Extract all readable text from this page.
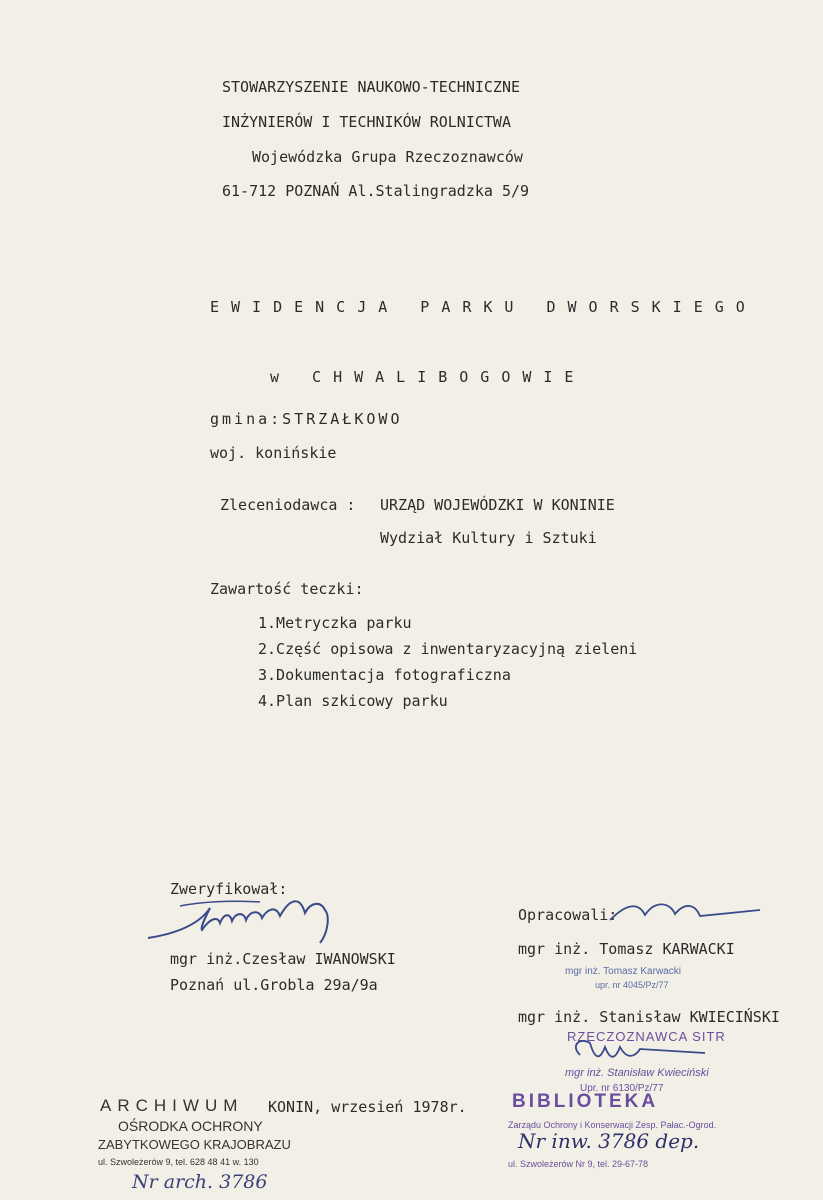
STOWARZYSZENIE NAUKOWO-TECHNICZNE
INŻYNIERÓW I TECHNIKÓW ROLNICTWA
Wojewódzka Grupa Rzeczoznawców
61-712 POZNAŃ Al.Stalingradzka 5/9
EWIDENCJA PARKU DWORSKIEGO
w CHWALIBOGOWIE
gmina:STRZAŁKOWO
woj. konińskie
Zleceniodawca : URZĄD WOJEWÓDZKI W KONINIE
Wydział Kultury i Sztuki
Zawartość teczki:
1.Metryczka parku
2.Część opisowa z inwentaryzacyjną zieleni
3.Dokumentacja fotograficzna
4.Plan szkicowy parku
Zweryfikował:
mgr inż.Czesław IWANOWSKI
Poznań ul.Grobla 29a/9a
Opracowali:
mgr inż. Tomasz KARWACKI
mgr inż. Tomasz Karwacki
upr. nr 4045/Pz/77
mgr inż. Stanisław KWIECIŃSKI
RZECZOZNAWCA SITR
mgr inż. Stanisław Kwieciński
Upr. nr 6130/Pz/77
ARCHIWUM KONIN, wrzesień 1978r.
OŚRODKA OCHRONY
ZABYTKOWEGO KRAJOBRAZU
ul. Szwoleżerów 9, tel. 628 48 41 w. 130
Nr arch. 3786
BIBLIOTEKA
Zarządu Ochrony i Konserwacji Zesp. Pałac.-Ogrod.
Nr inw. 3786 dep.
ul. Szwoleżerów Nr 9, tel. 29-67-78
